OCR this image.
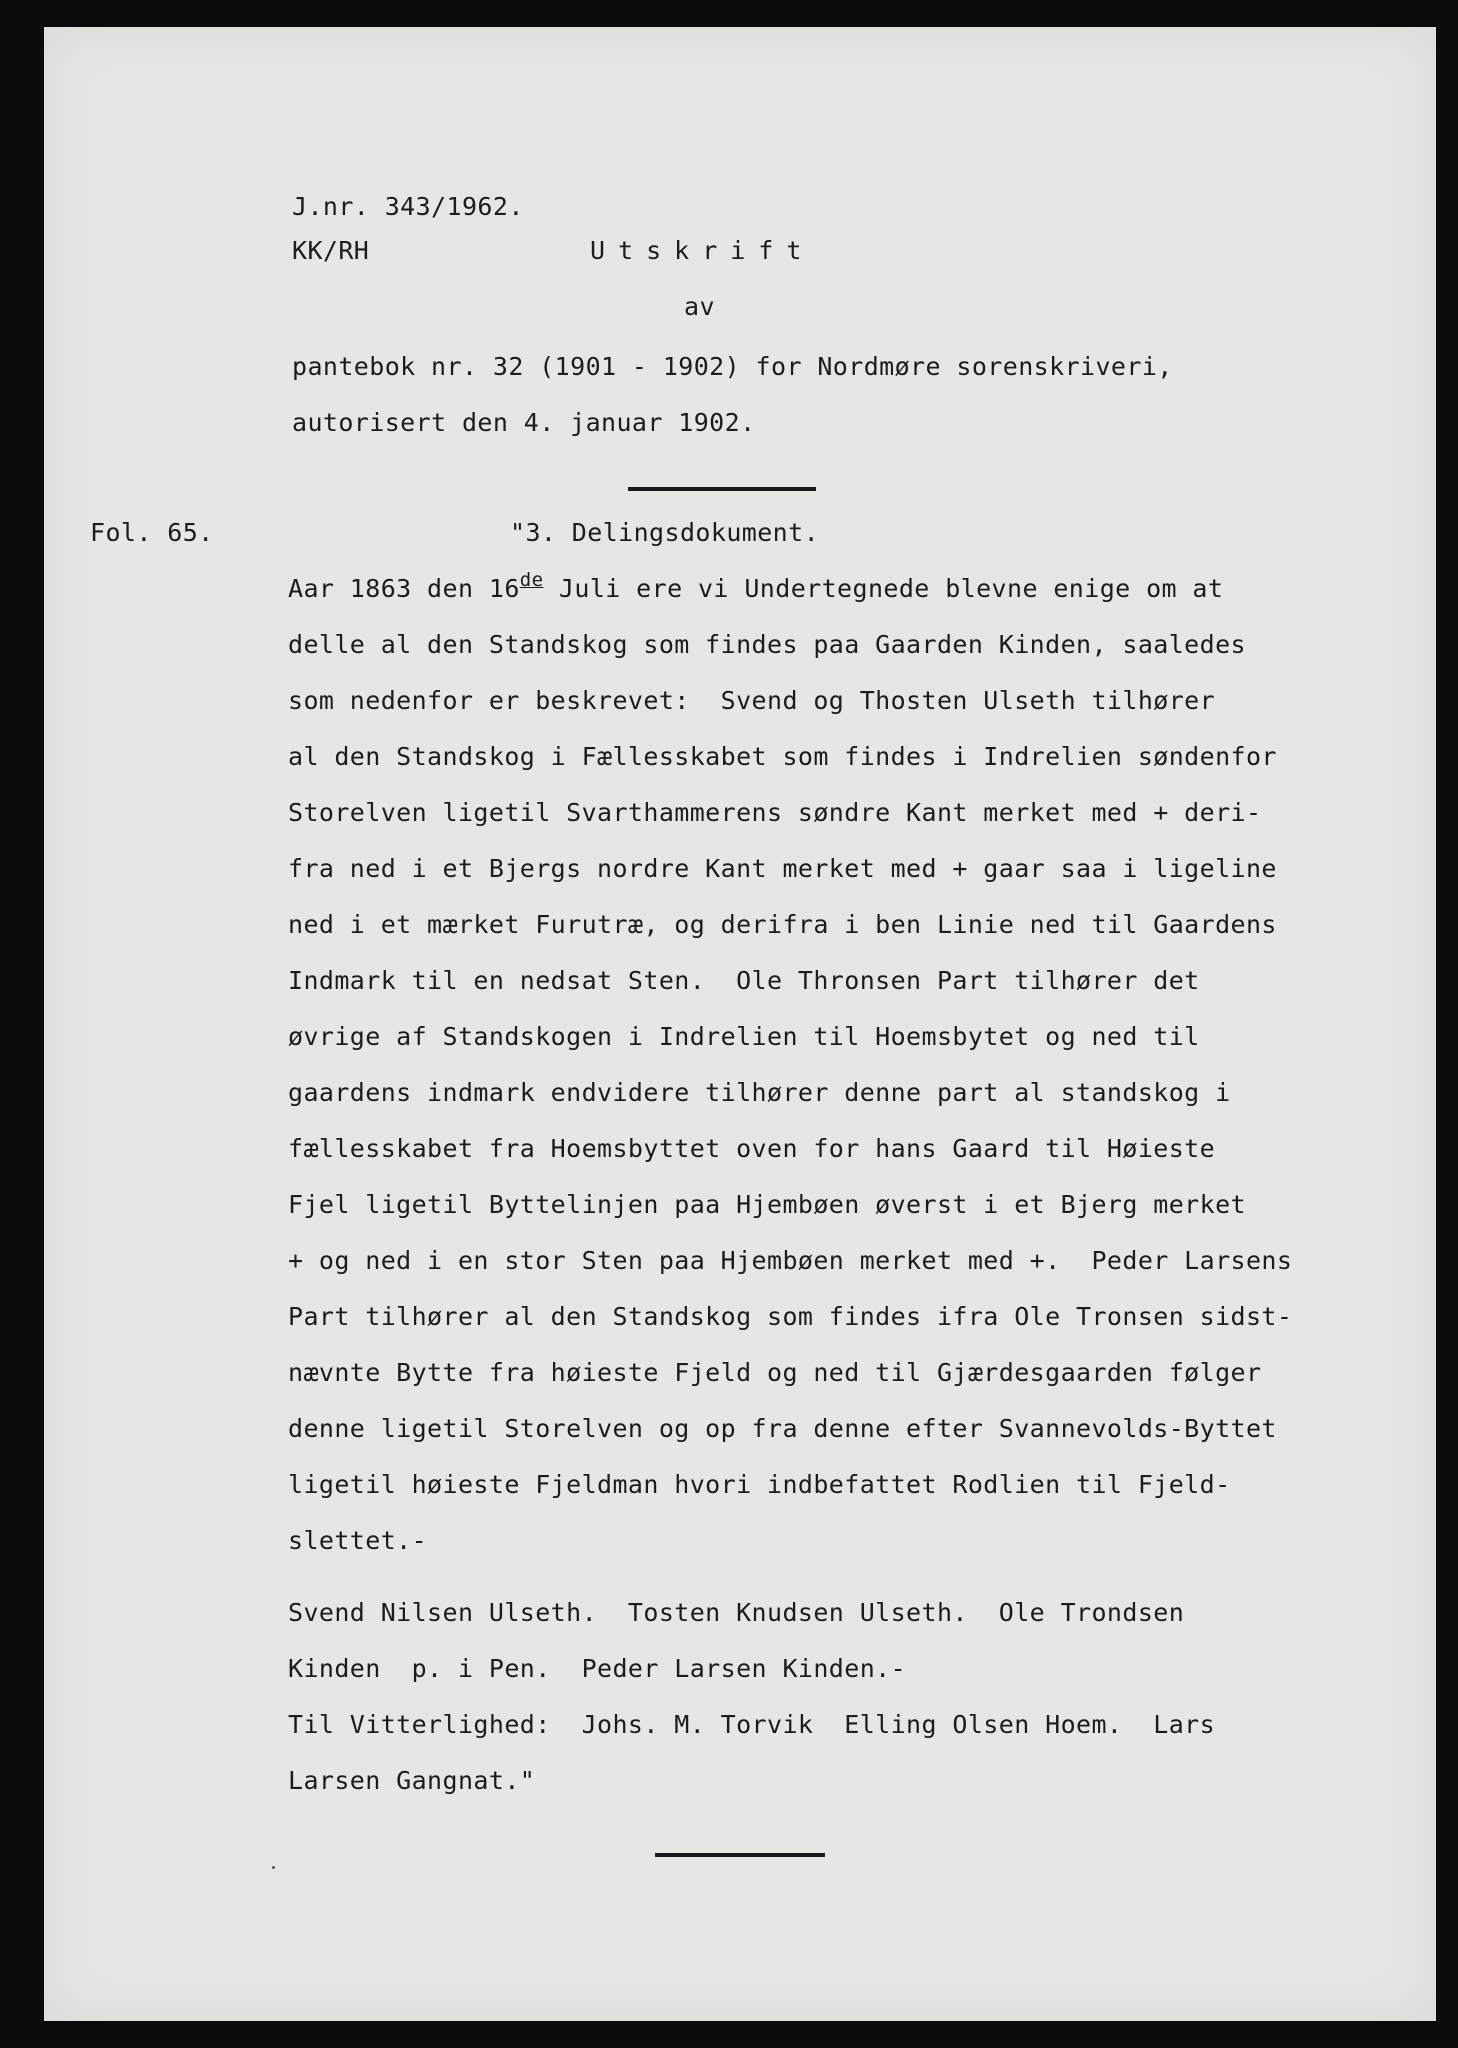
J.nr. 343/1962.
KK/RH	Utskrift
av
pantebok nr. 32 (1901 - 1902) for Nordmøre sorenskriveri,
autorisert den 4. januar 1902.
Fol. 65.	"3. Delingsdokument.
Aar 1863 den 16de Juli ere vi Undertegnede blevne enige om at
delle al den Standskog som findes paa Gaarden Kinden, saaledes
som nedenfor er beskrevet:  Svend og Thosten Ulseth tilhører
al den Standskog i Fællesskabet som findes i Indrelien søndenfor
Storelven ligetil Svarthammerens søndre Kant merket med + deri-
fra ned i et Bjergs nordre Kant merket med + gaar saa i ligeline
ned i et mærket Furutræ, og derifra i ben Linie ned til Gaardens
Indmark til en nedsat Sten.  Ole Thronsen Part tilhører det
øvrige af Standskogen i Indrelien til Hoemsbytet og ned til
gaardens indmark endvidere tilhører denne part al standskog i
fællesskabet fra Hoemsbyttet oven for hans Gaard til Høieste
Fjel ligetil Byttelinjen paa Hjembøen øverst i et Bjerg merket
+ og ned i en stor Sten paa Hjembøen merket med +.  Peder Larsens
Part tilhører al den Standskog som findes ifra Ole Tronsen sidst-
nævnte Bytte fra høieste Fjeld og ned til Gjærdesgaarden følger
denne ligetil Storelven og op fra denne efter Svannevolds-Byttet
ligetil høieste Fjeldman hvori indbefattet Rodlien til Fjeld-
slettet.-
Svend Nilsen Ulseth.  Tosten Knudsen Ulseth.  Ole Trondsen
Kinden  p. i Pen.  Peder Larsen Kinden.-
Til Vitterlighed:  Johs. M. Torvik  Elling Olsen Hoem.  Lars
Larsen Gangnat."
